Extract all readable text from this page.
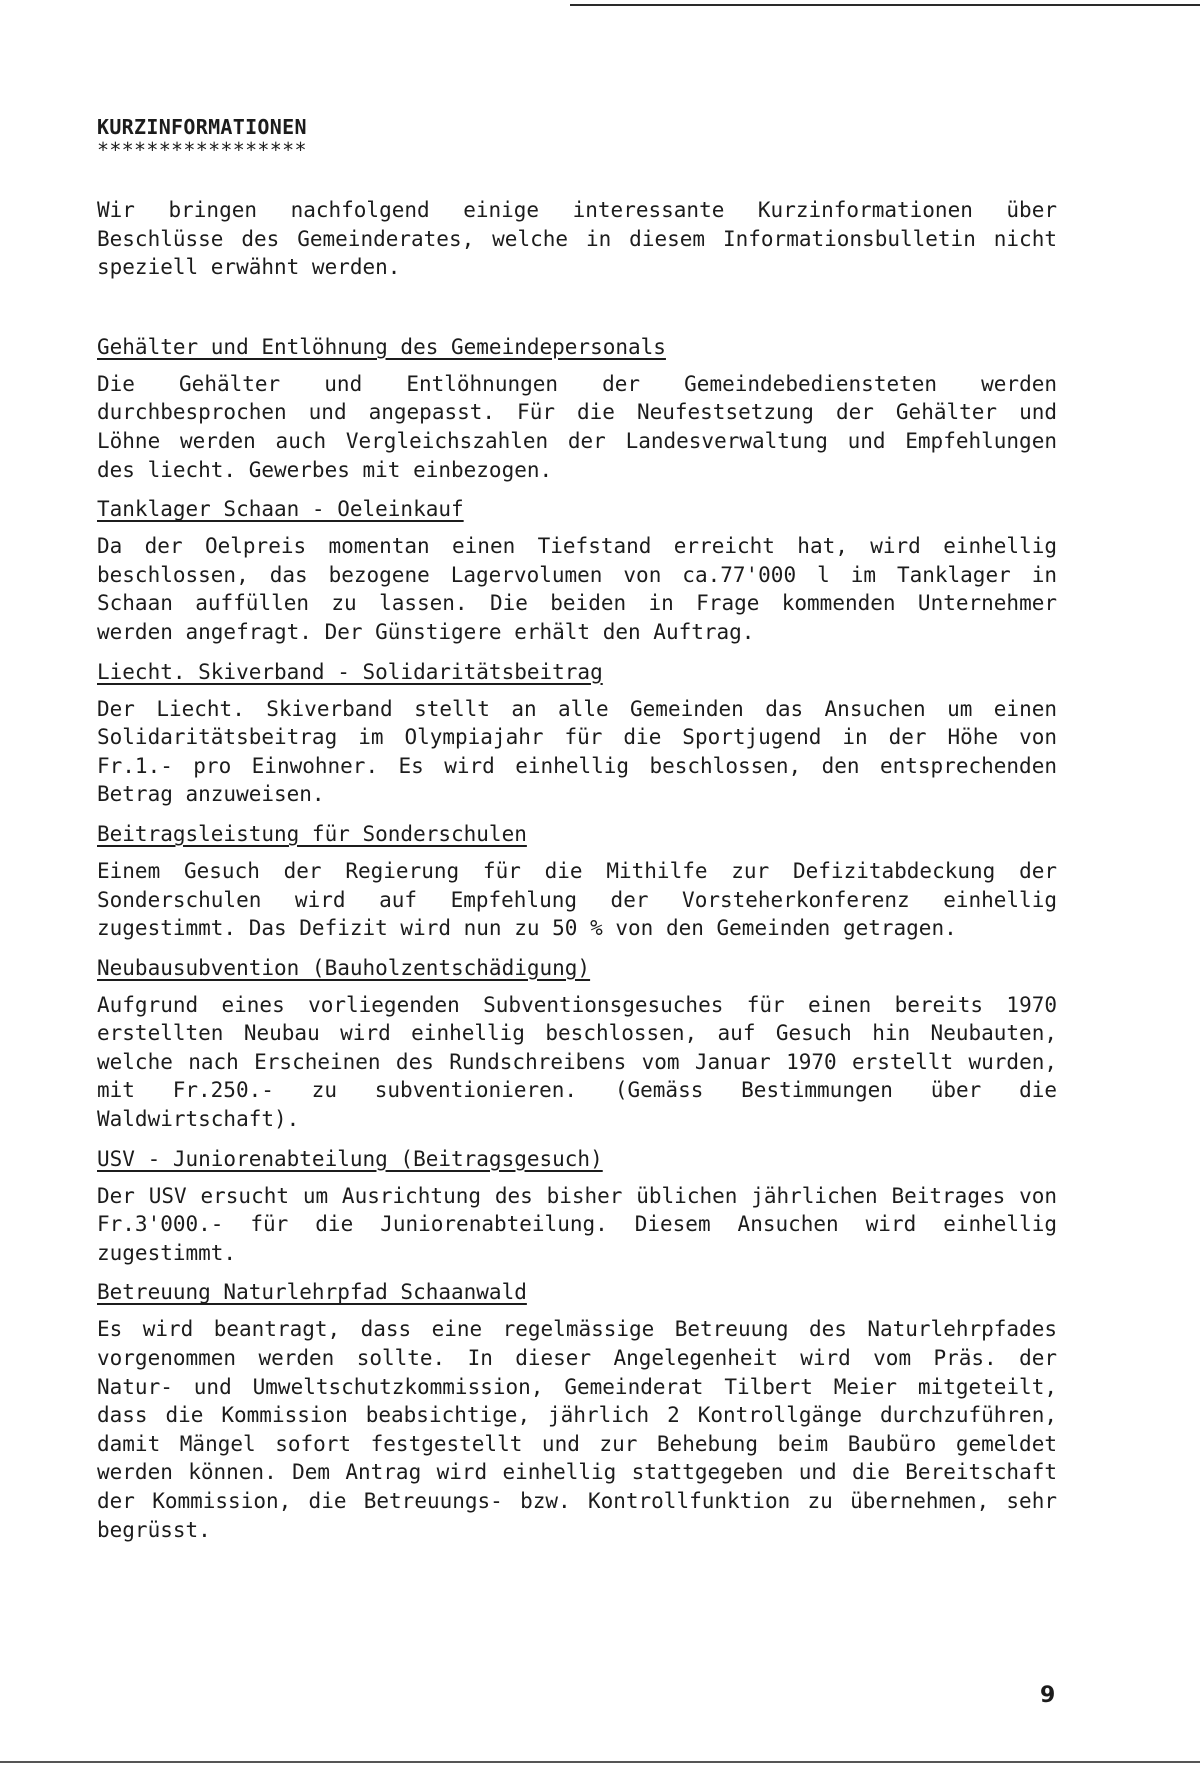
KURZINFORMATIONEN
*****************

Wir bringen nachfolgend einige interessante Kurzinformationen über Beschlüsse des Gemeinderates, welche in diesem Informationsbulletin nicht speziell erwähnt werden.

Gehälter und Entlöhnung des Gemeindepersonals

Die Gehälter und Entlöhnungen der Gemeindebediensteten werden durchbesprochen und angepasst. Für die Neufestsetzung der Gehälter und Löhne werden auch Vergleichszahlen der Landesverwaltung und Empfehlungen des liecht. Gewerbes mit einbezogen.

Tanklager Schaan - Oeleinkauf

Da der Oelpreis momentan einen Tiefstand erreicht hat, wird einhellig beschlossen, das bezogene Lagervolumen von ca.77'000 l im Tanklager in Schaan auffüllen zu lassen. Die beiden in Frage kommenden Unternehmer werden angefragt. Der Günstigere erhält den Auftrag.

Liecht. Skiverband - Solidaritätsbeitrag

Der Liecht. Skiverband stellt an alle Gemeinden das Ansuchen um einen Solidaritätsbeitrag im Olympiajahr für die Sportjugend in der Höhe von Fr.1.- pro Einwohner. Es wird einhellig beschlossen, den entsprechenden Betrag anzuweisen.

Beitragsleistung für Sonderschulen

Einem Gesuch der Regierung für die Mithilfe zur Defizitabdeckung der Sonderschulen wird auf Empfehlung der Vorsteherkonferenz einhellig zugestimmt. Das Defizit wird nun zu 50 % von den Gemeinden getragen.

Neubausubvention (Bauholzentschädigung)

Aufgrund eines vorliegenden Subventionsgesuches für einen bereits 1970 erstellten Neubau wird einhellig beschlossen, auf Gesuch hin Neubauten, welche nach Erscheinen des Rundschreibens vom Januar 1970 erstellt wurden, mit Fr.250.- zu subventionieren. (Gemäss Bestimmungen über die Waldwirtschaft).

USV - Juniorenabteilung (Beitragsgesuch)

Der USV ersucht um Ausrichtung des bisher üblichen jährlichen Beitrages von Fr.3'000.- für die Juniorenabteilung. Diesem Ansuchen wird einhellig zugestimmt.

Betreuung Naturlehrpfad Schaanwald

Es wird beantragt, dass eine regelmässige Betreuung des Naturlehrpfades vorgenommen werden sollte. In dieser Angelegenheit wird vom Präs. der Natur- und Umweltschutzkommission, Gemeinderat Tilbert Meier mitgeteilt, dass die Kommission beabsichtige, jährlich 2 Kontrollgänge durchzuführen, damit Mängel sofort festgestellt und zur Behebung beim Baubüro gemeldet werden können. Dem Antrag wird einhellig stattgegeben und die Bereitschaft der Kommission, die Betreuungs- bzw. Kontrollfunktion zu übernehmen, sehr begrüsst.

9
